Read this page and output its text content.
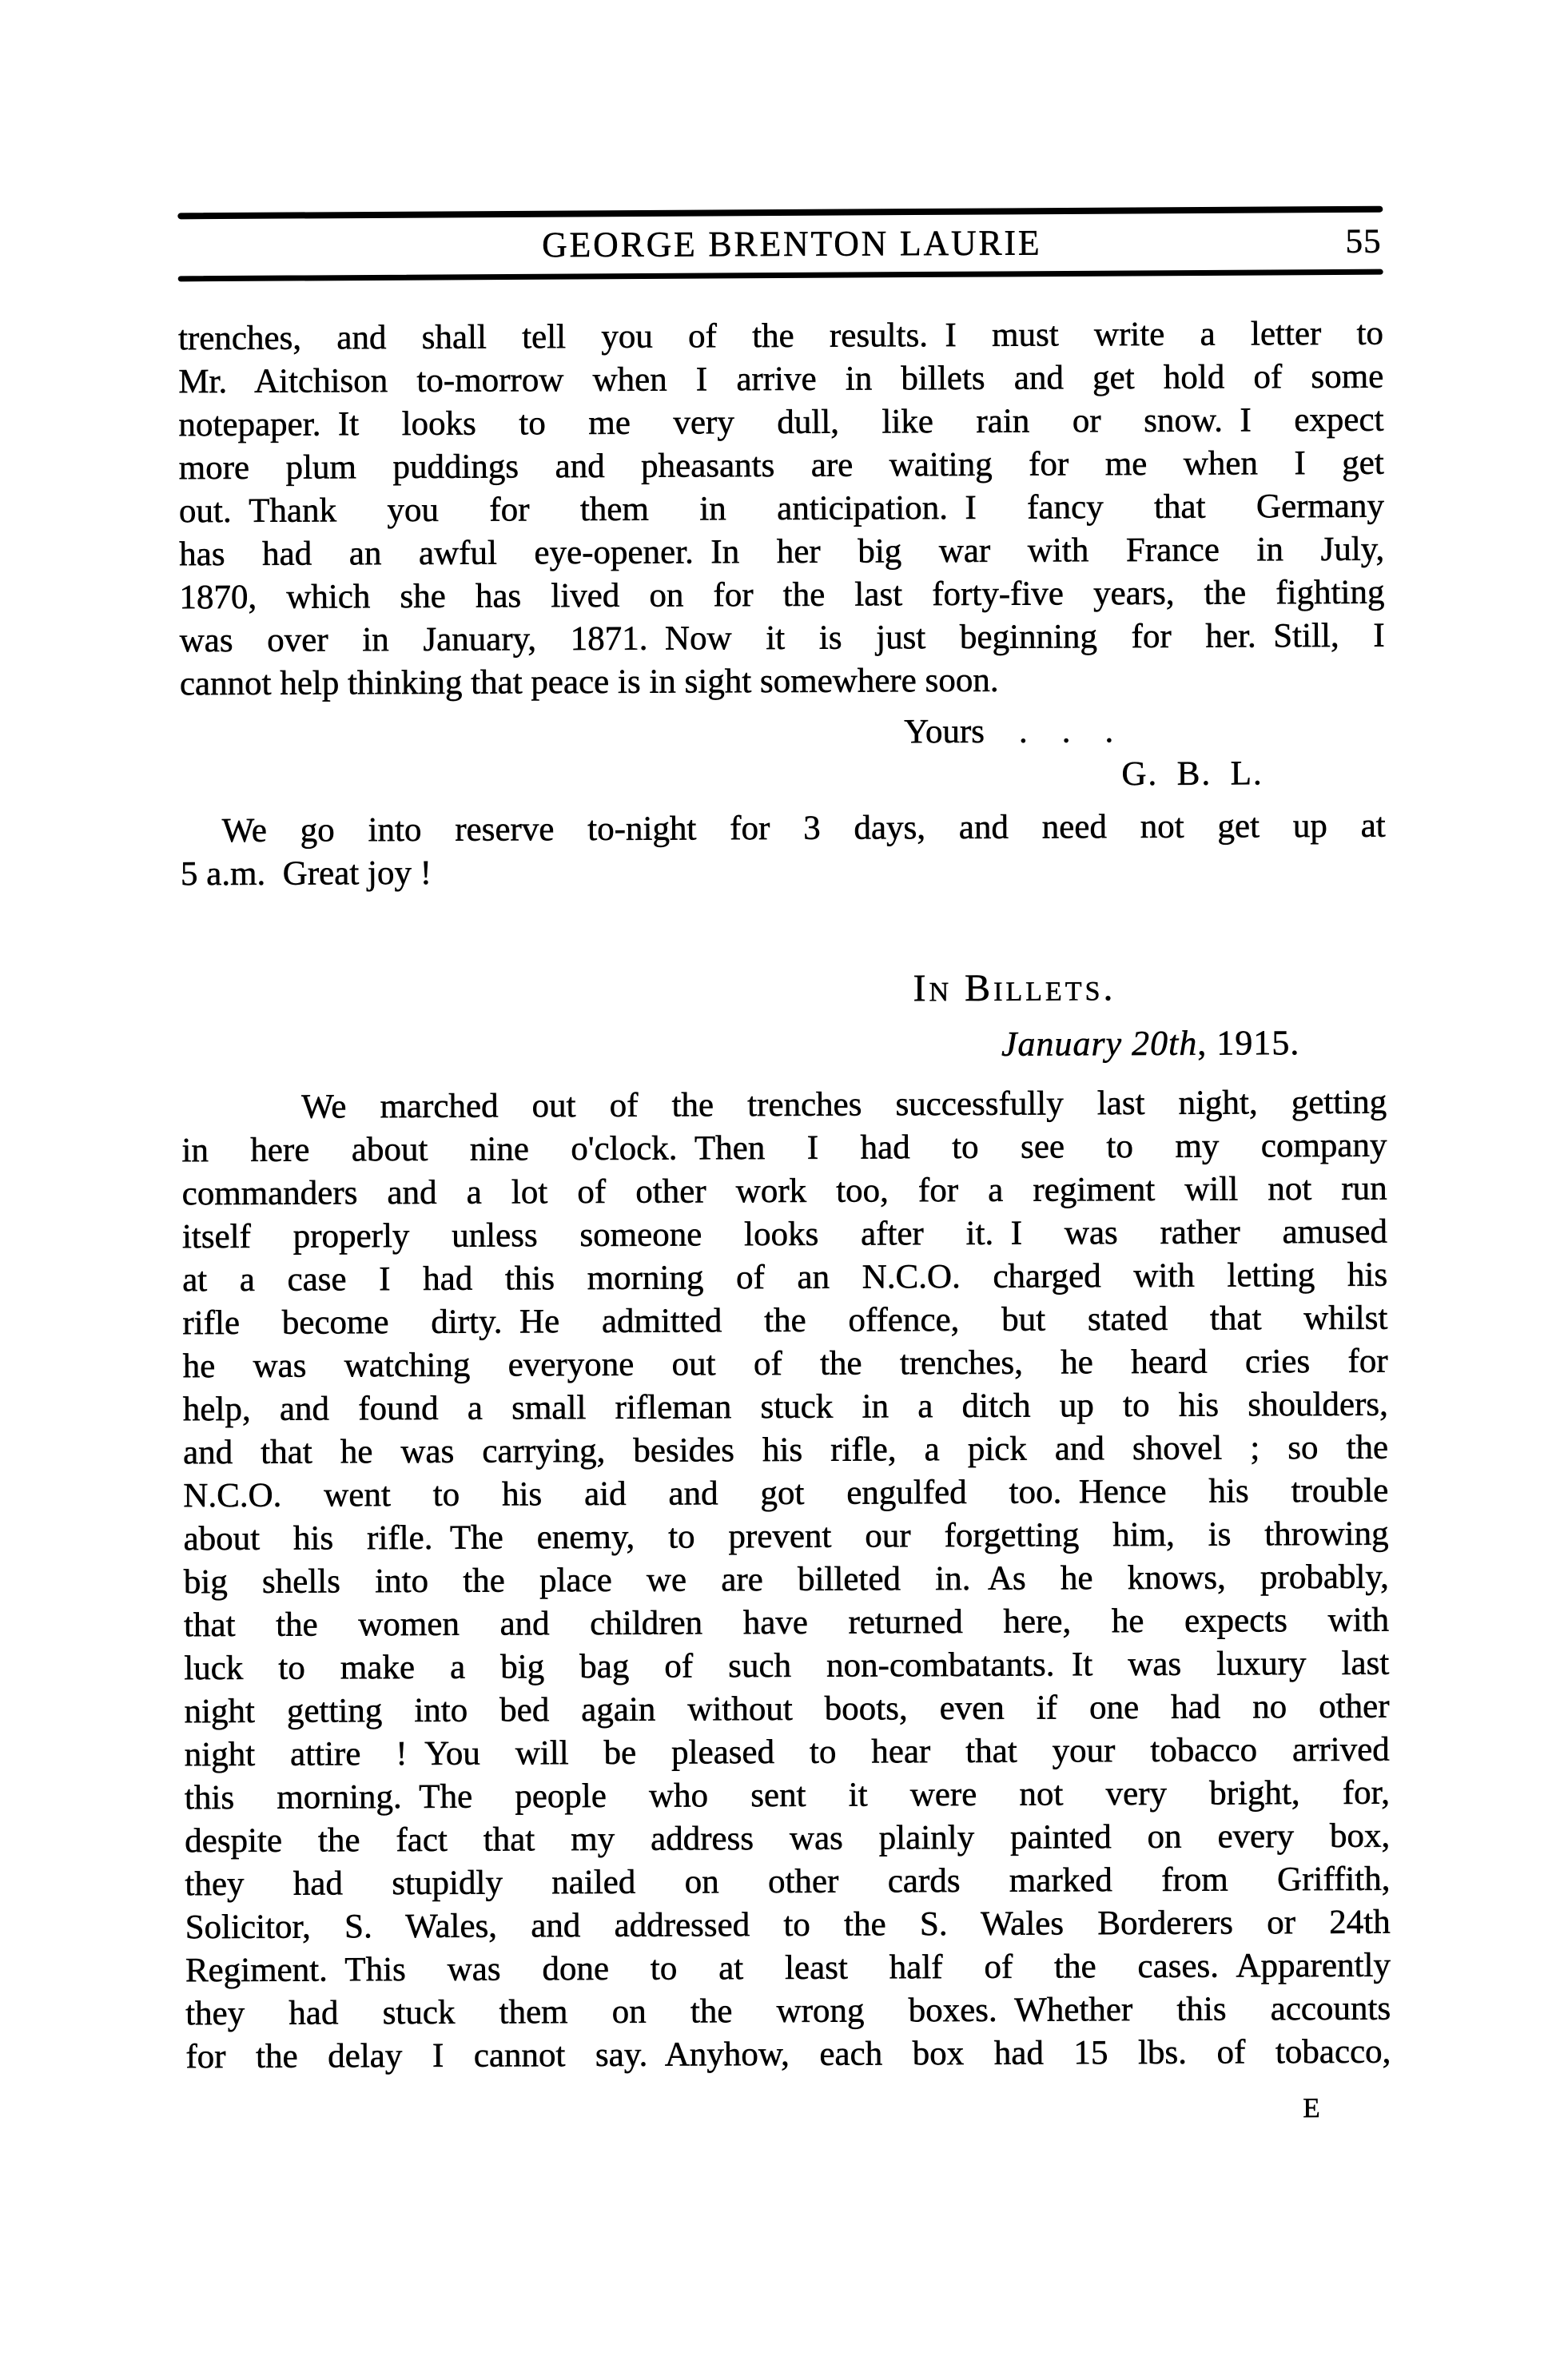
GEORGE BRENTON LAURIE	55
trenches, and shall tell you of the results. I must write a letter to
Mr. Aitchison to-morrow when I arrive in billets and get hold of some
notepaper. It looks to me very dull, like rain or snow. I expect
more plum puddings and pheasants are waiting for me when I get
out. Thank you for them in anticipation. I fancy that Germany
has had an awful eye-opener. In her big war with France in July,
1870, which she has lived on for the last forty-five years, the fighting
was over in January, 1871. Now it is just beginning for her. Still, I
cannot help thinking that peace is in sight somewhere soon.
Yours . . .
G. B. L.
We go into reserve to-night for 3 days, and need not get up at
5 a.m. Great joy !
In Billets.
January 20th, 1915.
We marched out of the trenches successfully last night, getting
in here about nine o'clock. Then I had to see to my company
commanders and a lot of other work too, for a regiment will not run
itself properly unless someone looks after it. I was rather amused
at a case I had this morning of an N.C.O. charged with letting his
rifle become dirty. He admitted the offence, but stated that whilst
he was watching everyone out of the trenches, he heard cries for
help, and found a small rifleman stuck in a ditch up to his shoulders,
and that he was carrying, besides his rifle, a pick and shovel ; so the
N.C.O. went to his aid and got engulfed too. Hence his trouble
about his rifle. The enemy, to prevent our forgetting him, is throwing
big shells into the place we are billeted in. As he knows, probably,
that the women and children have returned here, he expects with
luck to make a big bag of such non-combatants. It was luxury last
night getting into bed again without boots, even if one had no other
night attire ! You will be pleased to hear that your tobacco arrived
this morning. The people who sent it were not very bright, for,
despite the fact that my address was plainly painted on every box,
they had stupidly nailed on other cards marked from Griffith,
Solicitor, S. Wales, and addressed to the S. Wales Borderers or 24th
Regiment. This was done to at least half of the cases. Apparently
they had stuck them on the wrong boxes. Whether this accounts
for the delay I cannot say. Anyhow, each box had 15 lbs. of tobacco,
E
